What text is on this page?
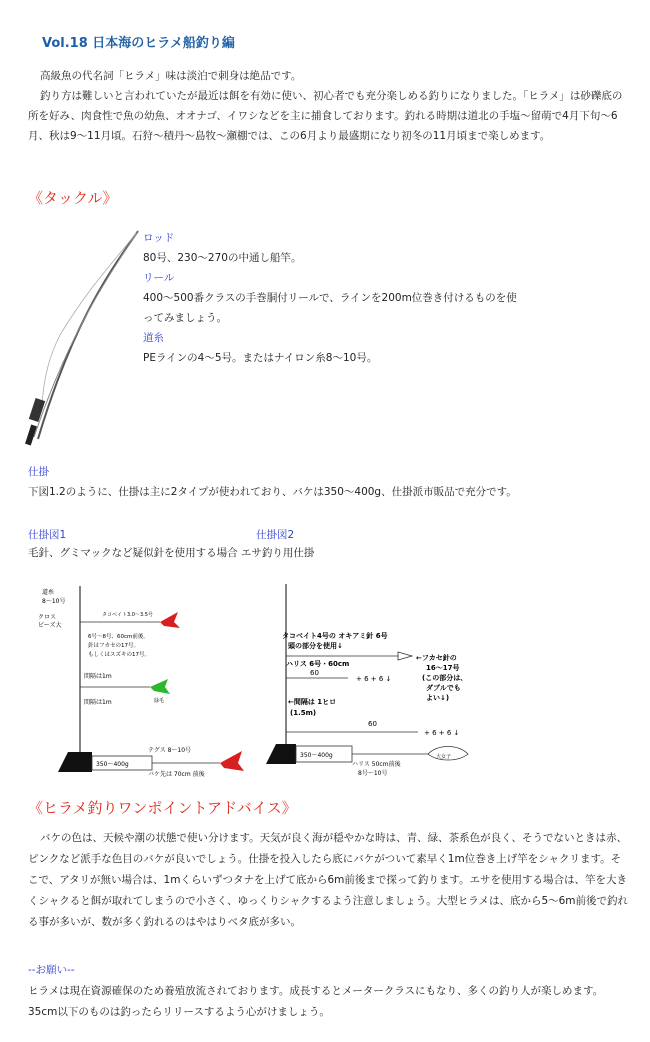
Vol.18 日本海のヒラメ船釣り編
高級魚の代名詞「ヒラメ」味は淡泊で刺身は絶品です。
釣り方は難しいと言われていたが最近は餌を有効に使い、初心者でも充分楽しめる釣りになりました。「ヒラメ」は砂礫底の所を好み、肉食性で魚の幼魚、オオナゴ、イワシなどを主に捕食しております。釣れる時期は道北の手塩～留萌で4月下旬～6月、秋は9～11月頃。石狩～積丹～島牧～瀬棚では、この6月より最盛期になり初冬の11月頃まで楽しめます。
《タックル》
ロッド
80号、230～270の中通し船竿。
リール
400～500番クラスの手巻胴付リールで、ラインを200m位巻き付けるものを使ってみましょう。
道糸
PEラインの4～5号。またはナイロン糸8～10号。
仕掛
下図1.2のように、仕掛は主に2タイプが使われており、バケは350～400g、仕掛派市販品で充分です。
仕掛図1	仕掛図2
毛針、グミマックなど疑似針を使用する場合 エサ釣り用仕掛
道糸
8～10号
クロス
ビーズ大
タコベイト3.0～3.5号
6号～8号、60cm前後。
針はフカセの17号。
もしくはスズキの17号。
間隔は1m
緑毛
間隔は1m
350～400g
テグス 8～10号
バケ先は 70cm 前後
タコベイト4号の オキアミ針 6号
頭の部分を使用↓
←フカセ針の
16～17号
(この部分は、
ダブルでも
よい↓)
ハリス 6号・60cm
60
+ 6 + 6 ↓
←間隔は 1ヒロ
(1.5m)
60
+ 6 + 6 ↓
350～400g
ハリス 50cm前後
8号～10号
大女子
《ヒラメ釣りワンポイントアドバイス》
バケの色は、天候や潮の状態で使い分けます。天気が良く海が穏やかな時は、青、緑、茶系色が良く、そうでないときは赤、ピンクなど派手な色目のバケが良いでしょう。仕掛を投入したら底にバケがついて素早く1m位巻き上げ竿をシャクリます。そこで、アタリが無い場合は、1mくらいずつタナを上げて底から6m前後まで探って釣ります。エサを使用する場合は、竿を大きくシャクると餌が取れてしまうので小さく、ゆっくりシャクするよう注意しましょう。大型ヒラメは、底から5～6m前後で釣れる事が多いが、数が多く釣れるのはやはりベタ底が多い。
--お願い--
ヒラメは現在資源確保のため養殖放流されております。成長するとメータークラスにもなり、多くの釣り人が楽しめます。35cm以下のものは釣ったらリリースするよう心がけましょう。
